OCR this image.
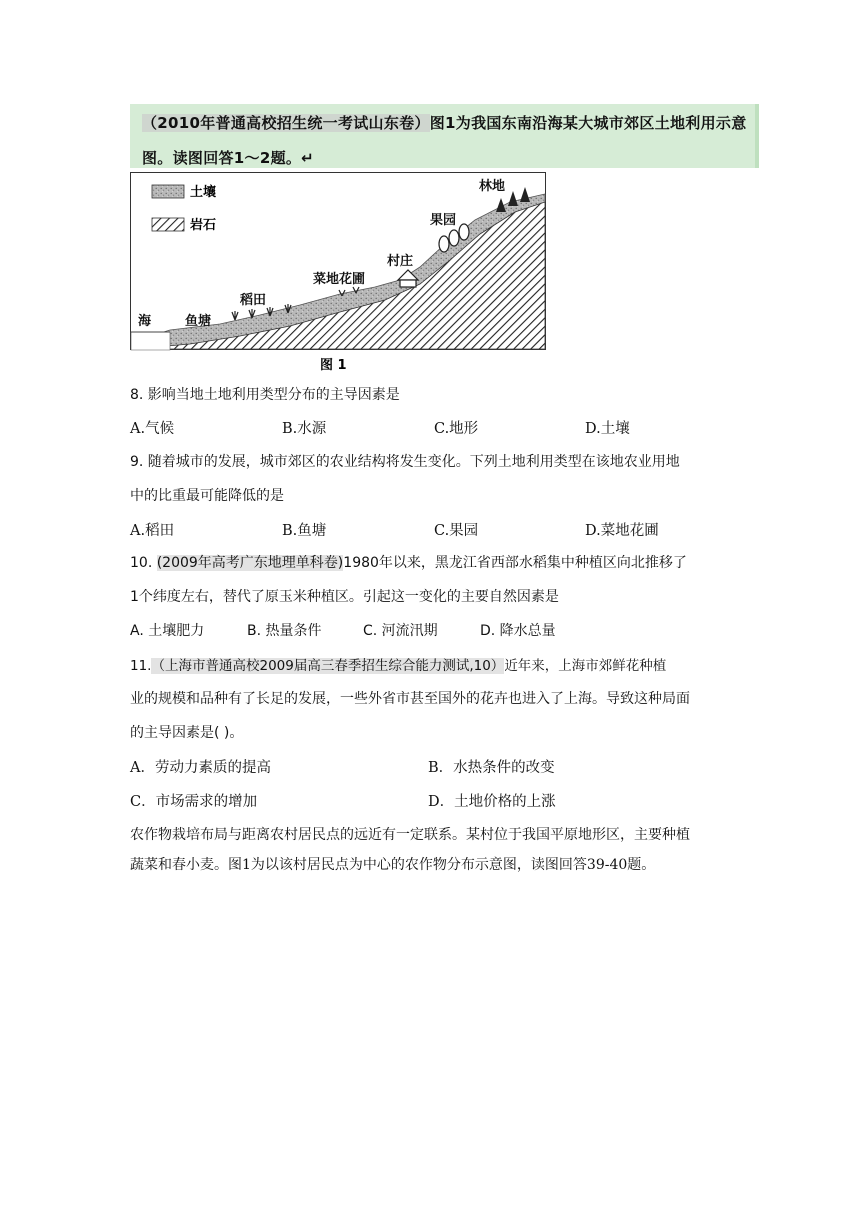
（2010年普通高校招生统一考试山东卷）图1为我国东南沿海某大城市郊区土地利用示意
图。读图回答1～2题。↵
土壤
岩石
海	鱼塘
稻田
菜地花圃
村庄
果园
林地
图 1
8. 影响当地土地利用类型分布的主导因素是
A.气候	B.水源	C.地形	D.土壤
9. 随着城市的发展，城市郊区的农业结构将发生变化。下列土地利用类型在该地农业用地
中的比重最可能降低的是
A.稻田	B.鱼塘	C.果园	D.菜地花圃
10. (2009年高考广东地理单科卷)1980年以来，黑龙江省西部水稻集中种植区向北推移了
1个纬度左右，替代了原玉米种植区。引起这一变化的主要自然因素是
A. 土壤肥力	B. 热量条件	C. 河流汛期	D. 降水总量
11.（上海市普通高校2009届高三春季招生综合能力测试,10）近年来，上海市郊鲜花种植
业的规模和品种有了长足的发展，一些外省市甚至国外的花卉也进入了上海。导致这种局面
的主导因素是( )。
A．劳动力素质的提高	B．水热条件的改变
C．市场需求的增加	D．土地价格的上涨
农作物栽培布局与距离农村居民点的远近有一定联系。某村位于我国平原地形区，主要种植
蔬菜和春小麦。图1为以该村居民点为中心的农作物分布示意图，读图回答39-40题。
